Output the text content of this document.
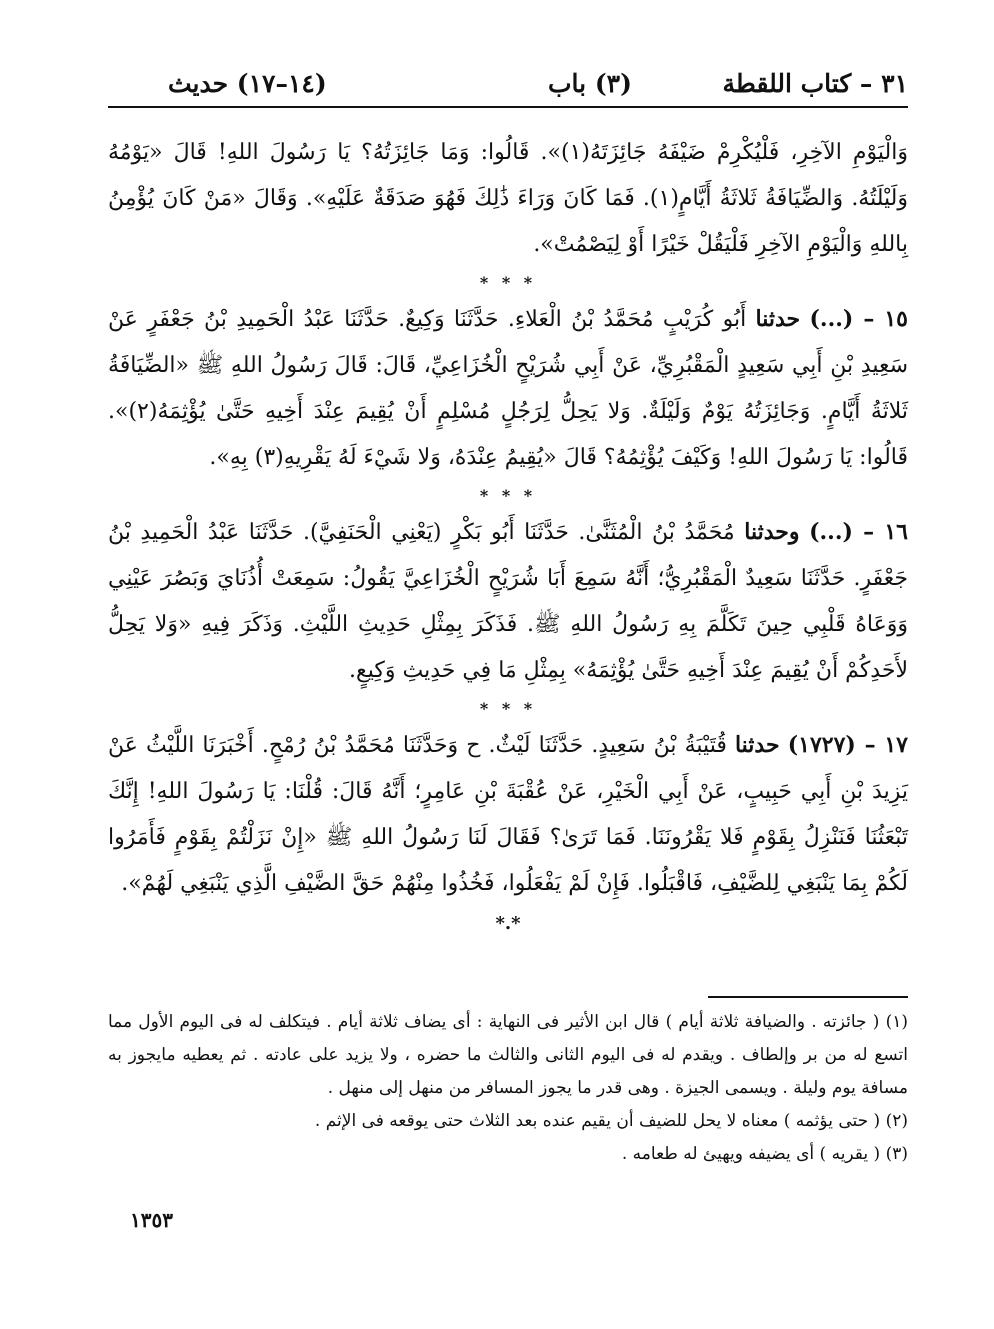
٣١ – كتاب اللقطة
(٣) باب
(١٤–١٧) حديث

وَالْيَوْمِ الآخِرِ، فَلْيُكْرِمْ ضَيْفَهُ جَائِزَتَهُ(١)». قَالُوا: وَمَا جَائِزَتُهُ؟ يَا رَسُولَ اللهِ! قَالَ «يَوْمُهُ وَلَيْلَتُهُ. وَالضِّيَافَةُ ثَلاثَةُ أَيَّامٍ(١). فَمَا كَانَ وَرَاءَ ذَٰلِكَ فَهُوَ صَدَقَةٌ عَلَيْهِ». وَقَالَ «مَنْ كَانَ يُؤْمِنُ بِاللهِ وَالْيَوْمِ الآخِرِ فَلْيَقُلْ خَيْرًا أَوْ لِيَصْمُتْ».

* * *

١٥ – (...) حدثنا أَبُو كُرَيْبٍ مُحَمَّدُ بْنُ الْعَلاءِ. حَدَّثَنَا وَكِيعٌ. حَدَّثَنَا عَبْدُ الْحَمِيدِ بْنُ جَعْفَرٍ عَنْ سَعِيدِ بْنِ أَبِي سَعِيدٍ الْمَقْبُرِيِّ، عَنْ أَبِي شُرَيْحٍ الْخُزَاعِيِّ، قَالَ: قَالَ رَسُولُ اللهِ ﷺ «الضِّيَافَةُ ثَلاثَةُ أَيَّامٍ. وَجَائِزَتُهُ يَوْمٌ وَلَيْلَةٌ. وَلا يَحِلُّ لِرَجُلٍ مُسْلِمٍ أَنْ يُقِيمَ عِنْدَ أَخِيهِ حَتَّىٰ يُؤْثِمَهُ(٢)». قَالُوا: يَا رَسُولَ اللهِ! وَكَيْفَ يُؤْثِمُهُ؟ قَالَ «يُقِيمُ عِنْدَهُ، وَلا شَيْءَ لَهُ يَقْرِيهِ(٣) بِهِ».

* * *

١٦ – (...) وحدثنا مُحَمَّدُ بْنُ الْمُثَنَّىٰ. حَدَّثَنَا أَبُو بَكْرٍ (يَعْنِي الْحَنَفِيَّ). حَدَّثَنَا عَبْدُ الْحَمِيدِ بْنُ جَعْفَرٍ. حَدَّثَنَا سَعِيدٌ الْمَقْبُرِيُّ؛ أَنَّهُ سَمِعَ أَبَا شُرَيْحٍ الْخُزَاعِيَّ يَقُولُ: سَمِعَتْ أُذُنَايَ وَبَصُرَ عَيْنِي وَوَعَاهُ قَلْبِي حِينَ تَكَلَّمَ بِهِ رَسُولُ اللهِ ﷺ. فَذَكَرَ بِمِثْلِ حَدِيثِ اللَّيْثِ. وَذَكَرَ فِيهِ «وَلا يَحِلُّ لأَحَدِكُمْ أَنْ يُقِيمَ عِنْدَ أَخِيهِ حَتَّىٰ يُؤْثِمَهُ» بِمِثْلِ مَا فِي حَدِيثِ وَكِيعٍ.

* * *

١٧ – (١٧٢٧) حدثنا قُتَيْبَةُ بْنُ سَعِيدٍ. حَدَّثَنَا لَيْثٌ. ح وَحَدَّثَنَا مُحَمَّدُ بْنُ رُمْحٍ. أَخْبَرَنَا اللَّيْثُ عَنْ يَزِيدَ بْنِ أَبِي حَبِيبٍ، عَنْ أَبِي الْخَيْرِ، عَنْ عُقْبَةَ بْنِ عَامِرٍ؛ أَنَّهُ قَالَ: قُلْنَا: يَا رَسُولَ اللهِ! إِنَّكَ تَبْعَثُنَا فَنَنْزِلُ بِقَوْمٍ فَلا يَقْرُونَنَا. فَمَا تَرَىٰ؟ فَقَالَ لَنَا رَسُولُ اللهِ ﷺ «إِنْ نَزَلْتُمْ بِقَوْمٍ فَأَمَرُوا لَكُمْ بِمَا يَنْبَغِي لِلضَّيْفِ، فَاقْبَلُوا. فَإِنْ لَمْ يَفْعَلُوا، فَخُذُوا مِنْهُمْ حَقَّ الضَّيْفِ الَّذِي يَنْبَغِي لَهُمْ».

*.*

(١) ( جائزته . والضيافة ثلاثة أيام ) قال ابن الأثير فى النهاية : أى يضاف ثلاثة أيام . فيتكلف له فى اليوم الأول مما اتسع له من بر وإلطاف . ويقدم له فى اليوم الثانى والثالث ما حضره ، ولا يزيد على عادته . ثم يعطيه مايجوز به مسافة يوم وليلة . ويسمى الجيزة . وهى قدر ما يجوز المسافر من منهل إلى منهل .

(٢) ( حتى يؤثمه ) معناه لا يحل للضيف أن يقيم عنده بعد الثلاث حتى يوقعه فى الإثم .

(٣) ( يقريه ) أى يضيفه ويهيئ له طعامه .

١٣٥٣
